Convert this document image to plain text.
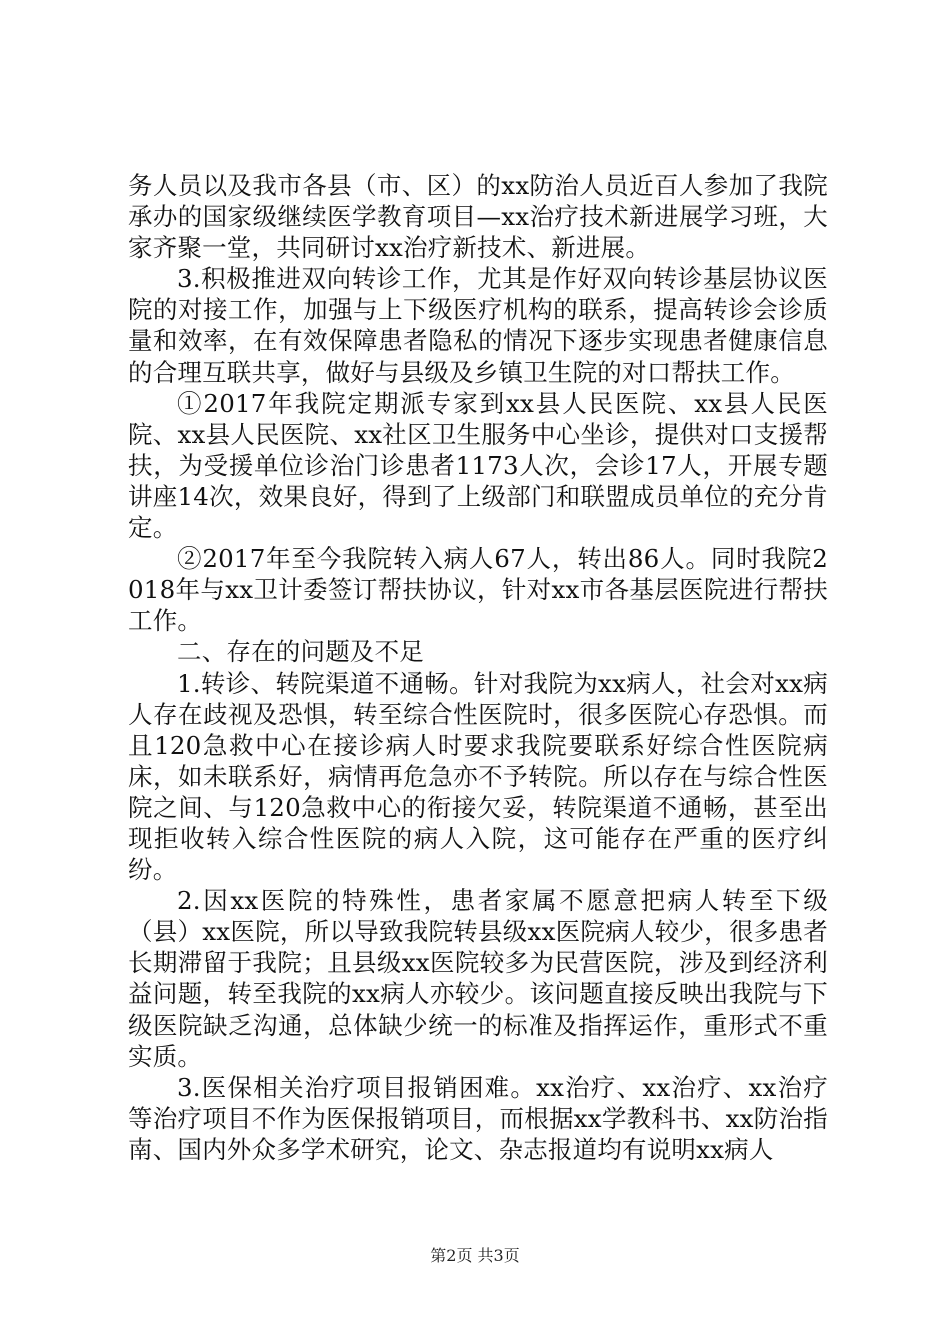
务人员以及我市各县（市、区）的xx防治人员近百人参加了我院承办的国家级继续医学教育项目—xx治疗技术新进展学习班，大家齐聚一堂，共同研讨xx治疗新技术、新进展。

3.积极推进双向转诊工作，尤其是作好双向转诊基层协议医院的对接工作，加强与上下级医疗机构的联系，提高转诊会诊质量和效率，在有效保障患者隐私的情况下逐步实现患者健康信息的合理互联共享，做好与县级及乡镇卫生院的对口帮扶工作。

①2017年我院定期派专家到xx县人民医院、xx县人民医院、xx县人民医院、xx社区卫生服务中心坐诊，提供对口支援帮扶，为受援单位诊治门诊患者1173人次，会诊17人，开展专题讲座14次，效果良好，得到了上级部门和联盟成员单位的充分肯定。

②2017年至今我院转入病人67人，转出86人。同时我院2018年与xx卫计委签订帮扶协议，针对xx市各基层医院进行帮扶工作。

二、存在的问题及不足

1.转诊、转院渠道不通畅。针对我院为xx病人，社会对xx病人存在歧视及恐惧，转至综合性医院时，很多医院心存恐惧。而且120急救中心在接诊病人时要求我院要联系好综合性医院病床，如未联系好，病情再危急亦不予转院。所以存在与综合性医院之间、与120急救中心的衔接欠妥，转院渠道不通畅，甚至出现拒收转入综合性医院的病人入院，这可能存在严重的医疗纠纷。

2.因xx医院的特殊性，患者家属不愿意把病人转至下级（县）xx医院，所以导致我院转县级xx医院病人较少，很多患者长期滞留于我院；且县级xx医院较多为民营医院，涉及到经济利益问题，转至我院的xx病人亦较少。该问题直接反映出我院与下级医院缺乏沟通，总体缺少统一的标准及指挥运作，重形式不重实质。

3.医保相关治疗项目报销困难。xx治疗、xx治疗、xx治疗等治疗项目不作为医保报销项目，而根据xx学教科书、xx防治指南、国内外众多学术研究，论文、杂志报道均有说明xx病人

第2页 共3页
